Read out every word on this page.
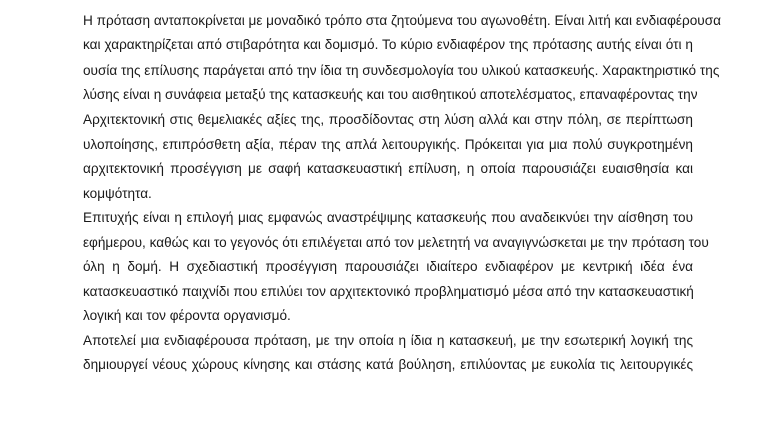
Η πρόταση ανταποκρίνεται με μοναδικό τρόπο στα ζητούμενα του αγωνοθέτη. Είναι λιτή και ενδιαφέρουσα
και χαρακτηρίζεται από στιβαρότητα και δομισμό. Το κύριο ενδιαφέρον της πρότασης αυτής είναι ότι η
ουσία της επίλυσης παράγεται από την ίδια τη συνδεσμολογία του υλικού κατασκευής. Χαρακτηριστικό της
λύσης είναι η συνάφεια μεταξύ της κατασκευής και του αισθητικού αποτελέσματος, επαναφέροντας την
Αρχιτεκτονική στις θεμελιακές αξίες της, προσδίδοντας στη λύση αλλά και στην πόλη, σε περίπτωση
υλοποίησης, επιπρόσθετη αξία, πέραν της απλά λειτουργικής. Πρόκειται για μια πολύ συγκροτημένη
αρχιτεκτονική προσέγγιση με σαφή κατασκευαστική επίλυση, η οποία παρουσιάζει ευαισθησία και
κομψότητα.
Επιτυχής είναι η επιλογή μιας εμφανώς αναστρέψιμης κατασκευής που αναδεικνύει την αίσθηση του
εφήμερου, καθώς και το γεγονός ότι επιλέγεται από τον μελετητή να αναγιγνώσκεται με την πρόταση του
όλη η δομή. Η σχεδιαστική προσέγγιση παρουσιάζει ιδιαίτερο ενδιαφέρον με κεντρική ιδέα ένα
κατασκευαστικό παιχνίδι που επιλύει τον αρχιτεκτονικό προβληματισμό μέσα από την κατασκευαστική
λογική και τον φέροντα οργανισμό.
Αποτελεί μια ενδιαφέρουσα πρόταση, με την οποία η ίδια η κατασκευή, με την εσωτερική λογική της
δημιουργεί νέους χώρους κίνησης και στάσης κατά βούληση, επιλύοντας με ευκολία τις λειτουργικές
